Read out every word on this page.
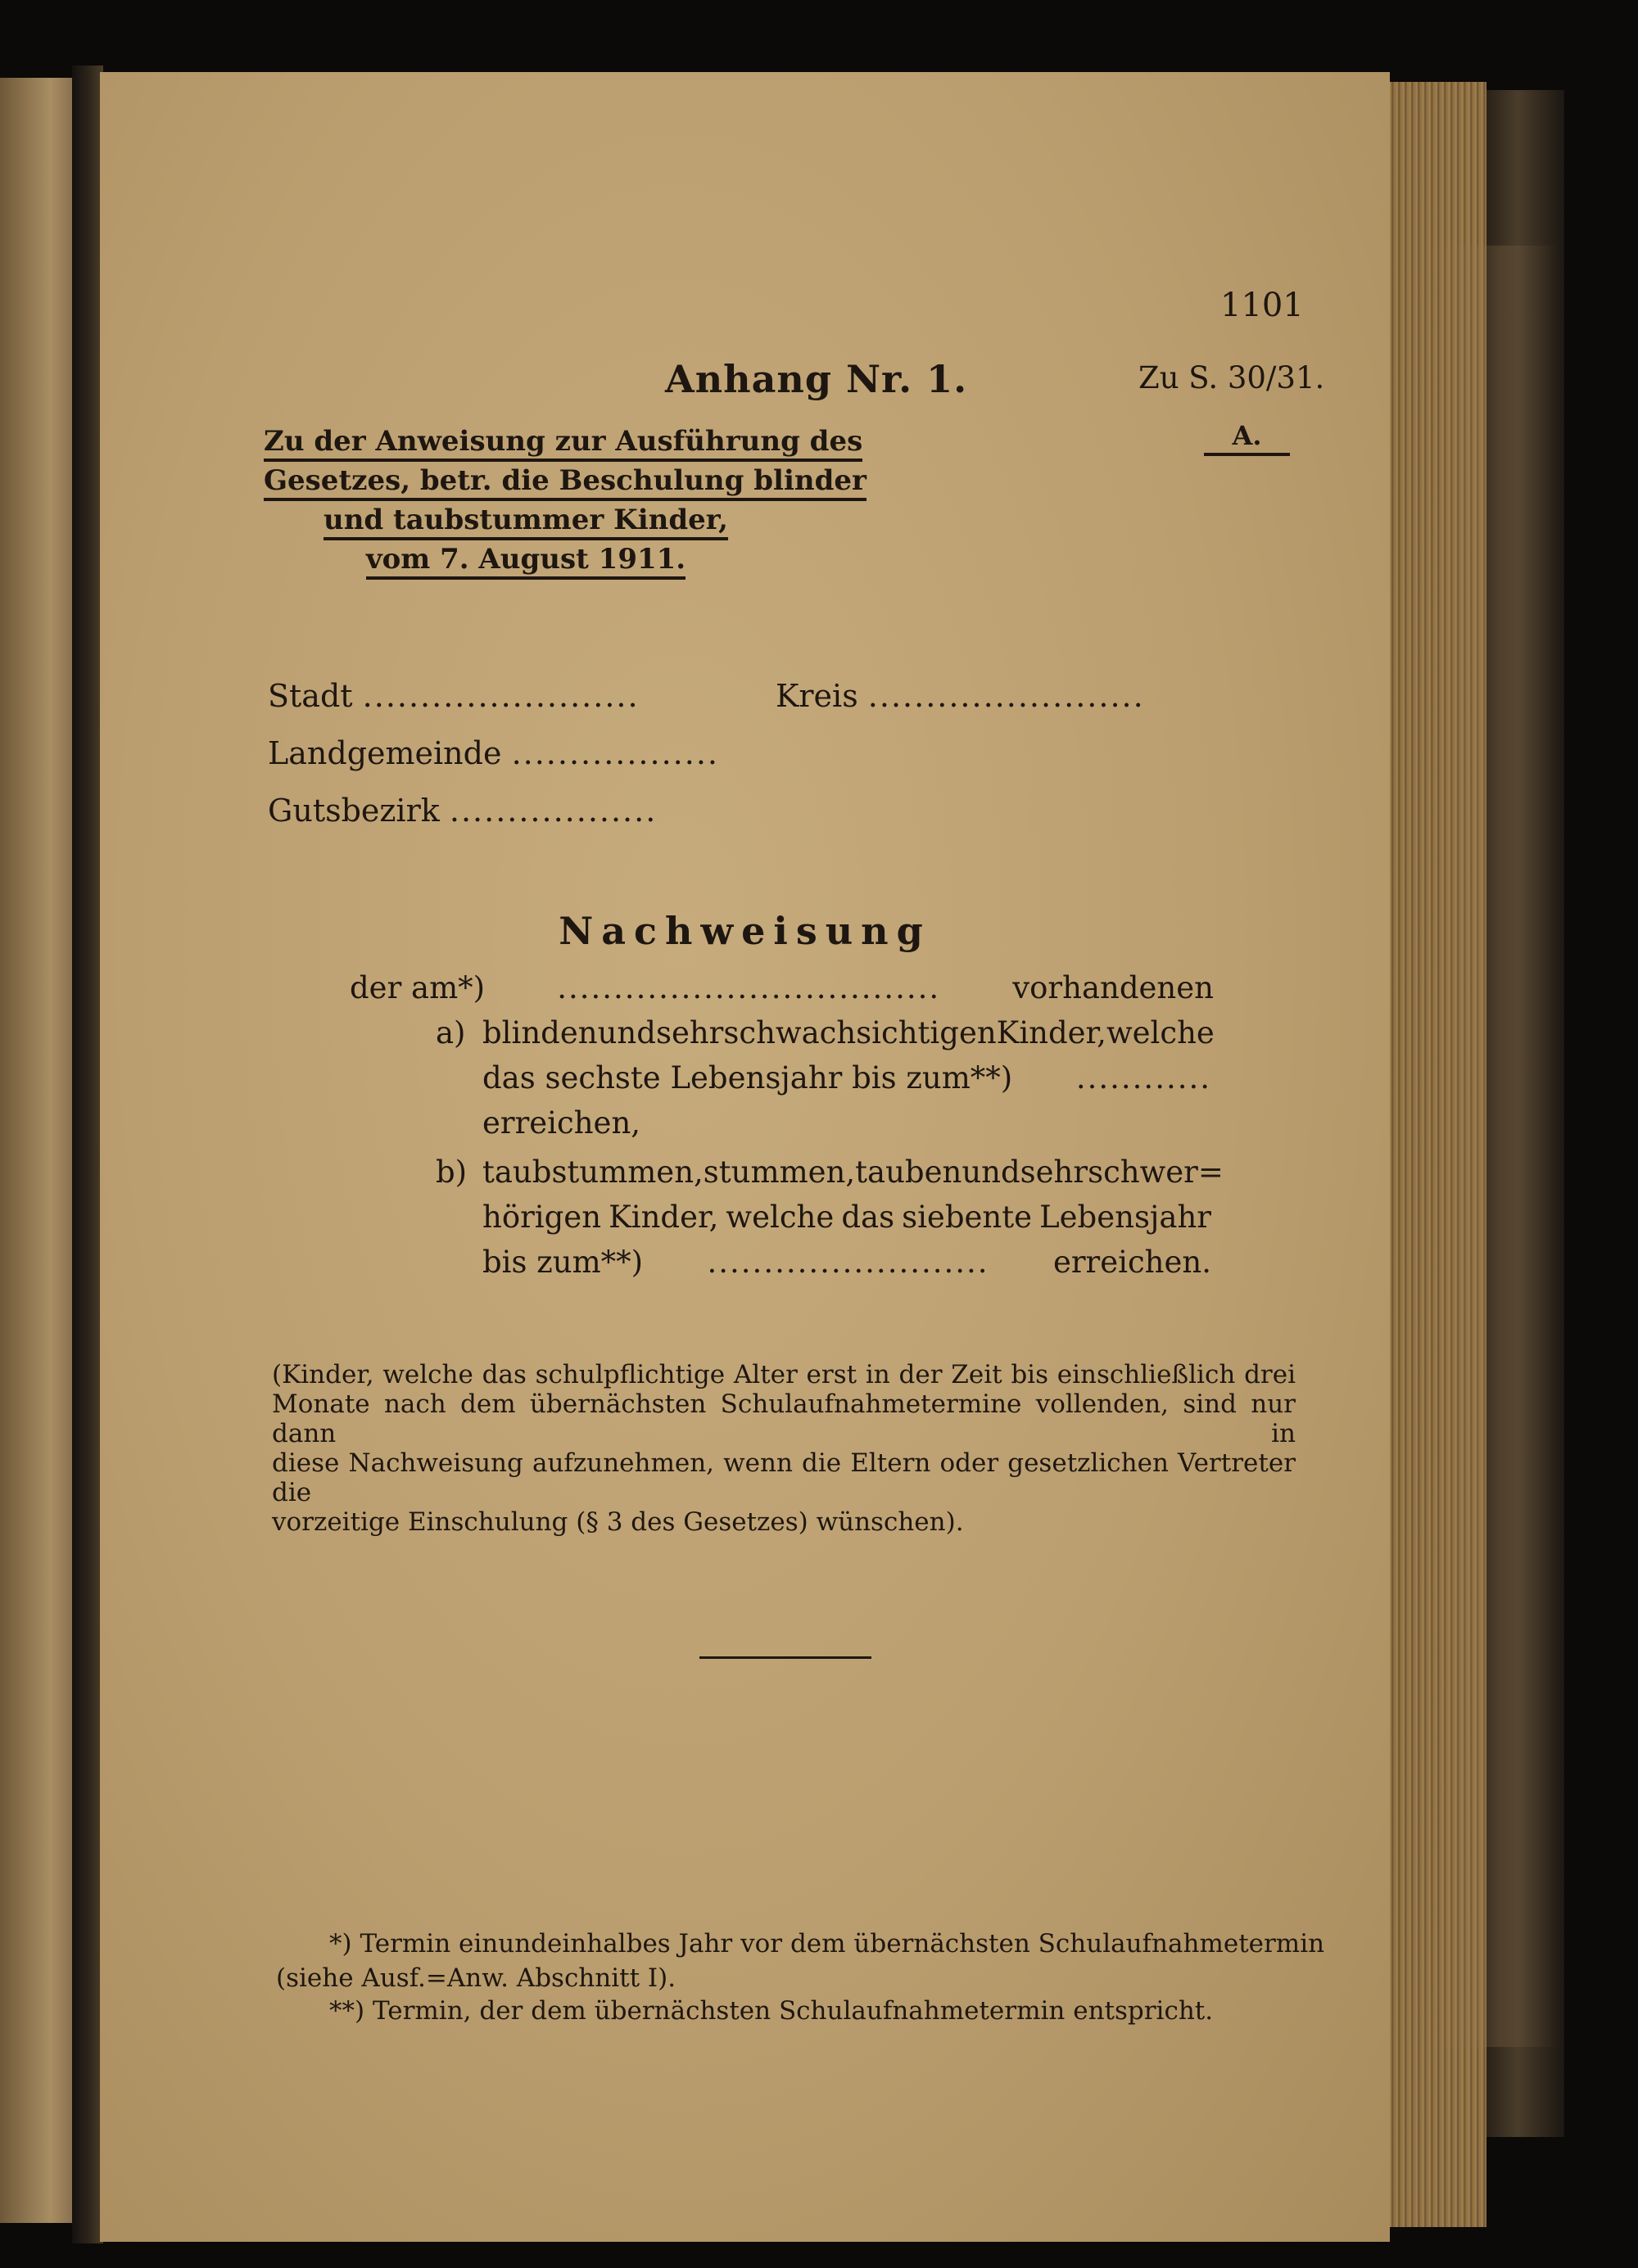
1101
Anhang Nr. 1.	Zu S. 30/31.
A.
Zu der Anweisung zur Ausführung des
Gesetzes, betr. die Beschulung blinder
und taubstummer Kinder,
vom 7. August 1911.
Stadt ........................	Kreis ........................
Landgemeinde ..................
Gutsbezirk ..................
Nachweisung
der am*) .................................. vorhandenen
a) blinden und sehr schwachsichtigen Kinder, welche
das sechste Lebensjahr bis zum**) ............
erreichen,
b) taubstummen, stummen, tauben und sehr schwer=
hörigen Kinder, welche das siebente Lebensjahr
bis zum**) ......................... erreichen.
(Kinder, welche das schulpflichtige Alter erst in der Zeit bis einschließlich drei
Monate nach dem übernächsten Schulaufnahmetermine vollenden, sind nur dann in
diese Nachweisung aufzunehmen, wenn die Eltern oder gesetzlichen Vertreter die
vorzeitige Einschulung (§ 3 des Gesetzes) wünschen).
*) Termin einundeinhalbes Jahr vor dem übernächsten Schulaufnahmetermin
(siehe Ausf.=Anw. Abschnitt I).
**) Termin, der dem übernächsten Schulaufnahmetermin entspricht.
